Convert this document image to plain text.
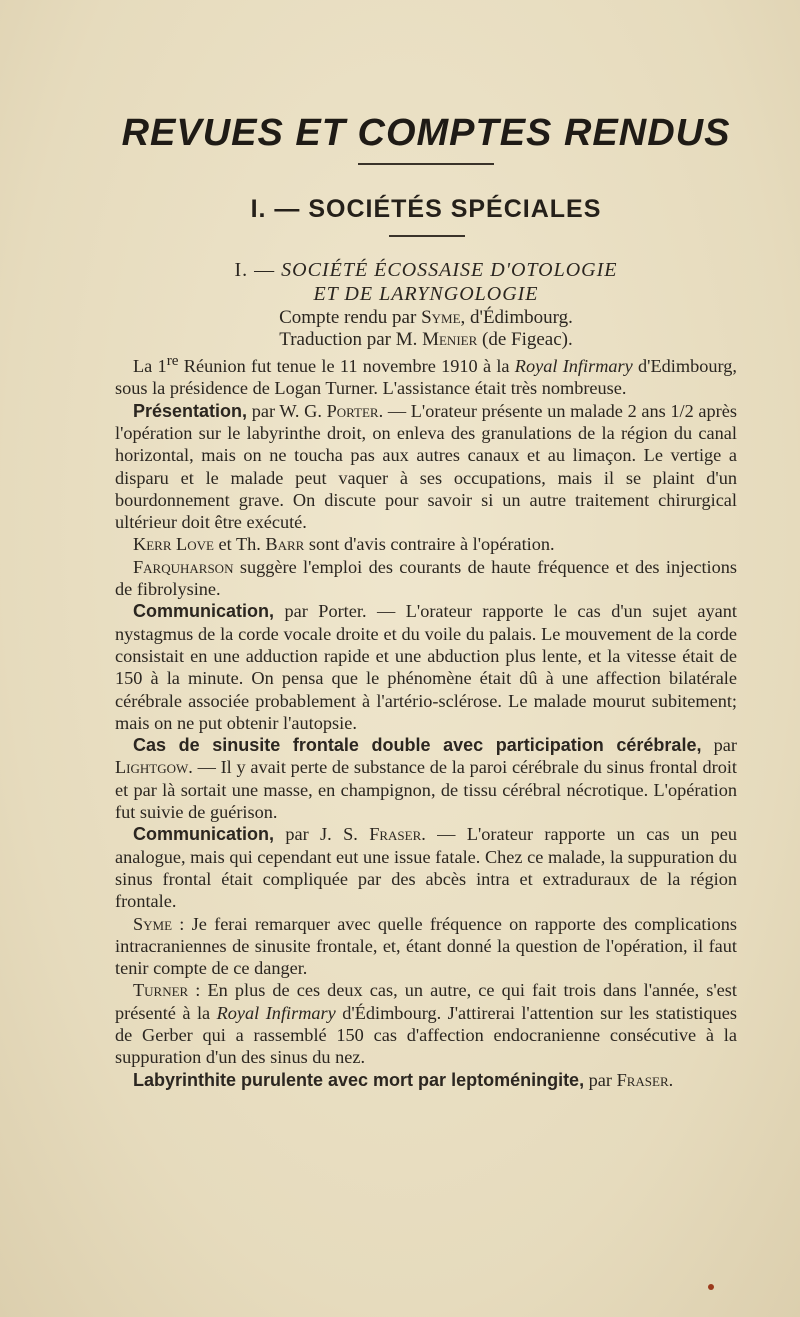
REVUES ET COMPTES RENDUS
I. — SOCIÉTÉS SPÉCIALES
I. — SOCIÉTÉ ÉCOSSAISE D'OTOLOGIE
ET DE LARYNGOLOGIE
Compte rendu par Syme, d'Édimbourg.
Traduction par M. Menier (de Figeac).

La 1re Réunion fut tenue le 11 novembre 1910 à la Royal Infirmary d'Edimbourg, sous la présidence de Logan Turner. L'assistance était très nombreuse.

Présentation, par W. G. Porter. — L'orateur présente un malade 2 ans 1/2 après l'opération sur le labyrinthe droit, on enleva des granulations de la région du canal horizontal, mais on ne toucha pas aux autres canaux et au limaçon. Le vertige a disparu et le malade peut vaquer à ses occupations, mais il se plaint d'un bourdonnement grave. On discute pour savoir si un autre traitement chirurgical ultérieur doit être exécuté.

Kerr Love et Th. Barr sont d'avis contraire à l'opération.

Farquharson suggère l'emploi des courants de haute fréquence et des injections de fibrolysine.

Communication, par Porter. — L'orateur rapporte le cas d'un sujet ayant nystagmus de la corde vocale droite et du voile du palais. Le mouvement de la corde consistait en une adduction rapide et une abduction plus lente, et la vitesse était de 150 à la minute. On pensa que le phénomène était dû à une affection bilatérale cérébrale associée probablement à l'artério-sclérose. Le malade mourut subitement; mais on ne put obtenir l'autopsie.

Cas de sinusite frontale double avec participation cérébrale, par Lightgow. — Il y avait perte de substance de la paroi cérébrale du sinus frontal droit et par là sortait une masse, en champignon, de tissu cérébral nécrotique. L'opération fut suivie de guérison.

Communication, par J. S. Fraser. — L'orateur rapporte un cas un peu analogue, mais qui cependant eut une issue fatale. Chez ce malade, la suppuration du sinus frontal était compliquée par des abcès intra et extraduraux de la région frontale.

Syme : Je ferai remarquer avec quelle fréquence on rapporte des complications intracraniennes de sinusite frontale, et, étant donné la question de l'opération, il faut tenir compte de ce danger.

Turner : En plus de ces deux cas, un autre, ce qui fait trois dans l'année, s'est présenté à la Royal Infirmary d'Édimbourg. J'attirerai l'attention sur les statistiques de Gerber qui a rassemblé 150 cas d'affection endocranienne consécutive à la suppuration d'un des sinus du nez.

Labyrinthite purulente avec mort par leptoméningite, par Fraser.
